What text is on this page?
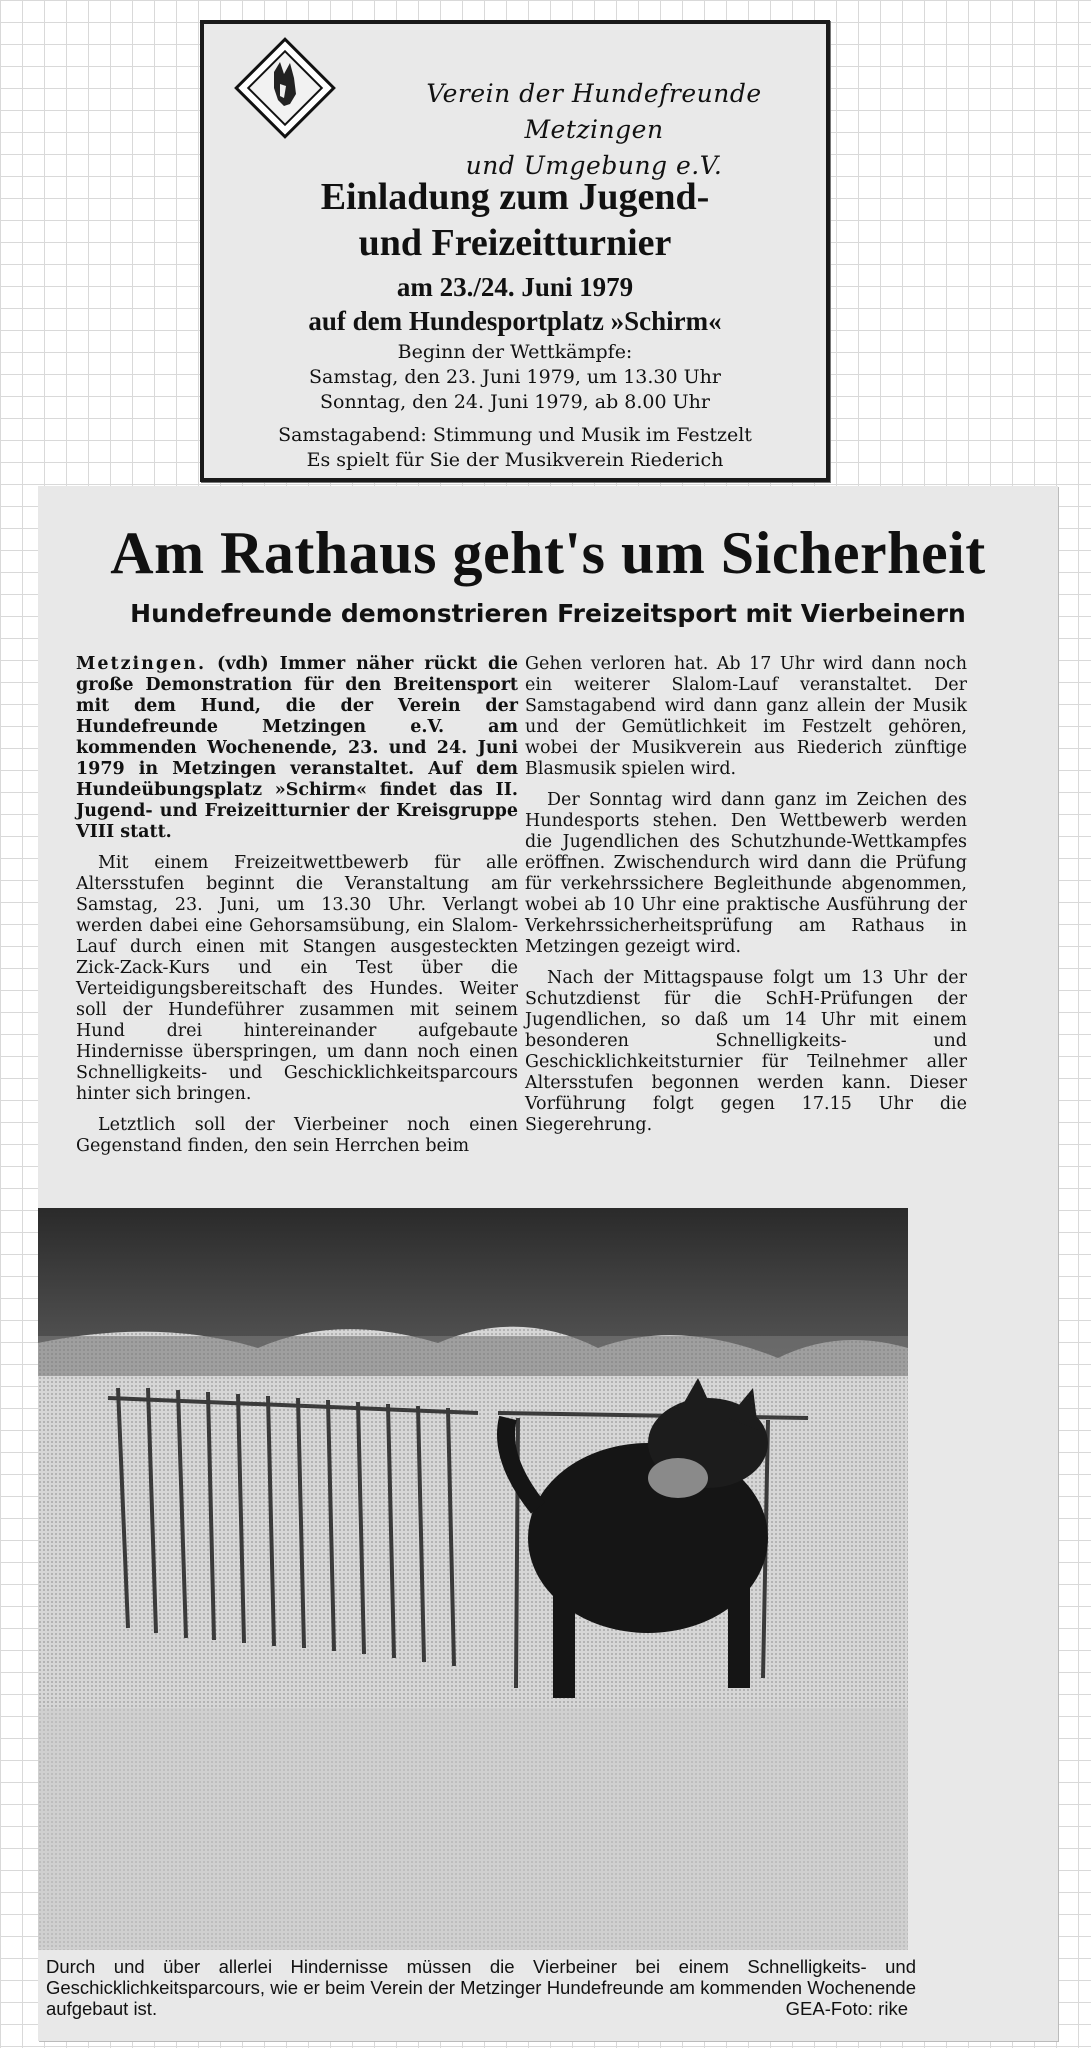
Verein der Hundefreunde Metzingen
und Umgebung e.V.
Einladung zum Jugend-
und Freizeitturnier
am 23./24. Juni 1979
auf dem Hundesportplatz »Schirm«
Beginn der Wettkämpfe:
Samstag, den 23. Juni 1979, um 13.30 Uhr
Sonntag, den 24. Juni 1979, ab 8.00 Uhr
Samstagabend: Stimmung und Musik im Festzelt
Es spielt für Sie der Musikverein Riederich
Am Rathaus geht's um Sicherheit
Hundefreunde demonstrieren Freizeitsport mit Vierbeinern

Metzingen. (vdh) Immer näher rückt die große Demonstration für den Breitensport mit dem Hund, die der Verein der Hundefreunde Metzingen e.V. am kommenden Wochenende, 23. und 24. Juni 1979 in Metzingen veranstaltet. Auf dem Hundeübungsplatz »Schirm« findet das II. Jugend- und Freizeitturnier der Kreisgruppe VIII statt.

Mit einem Freizeitwettbewerb für alle Altersstufen beginnt die Veranstaltung am Samstag, 23. Juni, um 13.30 Uhr. Verlangt werden dabei eine Gehorsamsübung, ein Slalom-Lauf durch einen mit Stangen ausgesteckten Zick-Zack-Kurs und ein Test über die Verteidigungsbereitschaft des Hundes. Weiter soll der Hundeführer zusammen mit seinem Hund drei hintereinander aufgebaute Hindernisse überspringen, um dann noch einen Schnelligkeits- und Geschicklichkeitsparcours hinter sich bringen.

Letztlich soll der Vierbeiner noch einen Gegenstand finden, den sein Herrchen beim

Gehen verloren hat. Ab 17 Uhr wird dann noch ein weiterer Slalom-Lauf veranstaltet. Der Samstagabend wird dann ganz allein der Musik und der Gemütlichkeit im Festzelt gehören, wobei der Musikverein aus Riederich zünftige Blasmusik spielen wird.

Der Sonntag wird dann ganz im Zeichen des Hundesports stehen. Den Wettbewerb werden die Jugendlichen des Schutzhunde-Wettkampfes eröffnen. Zwischendurch wird dann die Prüfung für verkehrssichere Begleithunde abgenommen, wobei ab 10 Uhr eine praktische Ausführung der Verkehrssicherheitsprüfung am Rathaus in Metzingen gezeigt wird.

Nach der Mittagspause folgt um 13 Uhr der Schutzdienst für die SchH-Prüfungen der Jugendlichen, so daß um 14 Uhr mit einem besonderen Schnelligkeits- und Geschicklichkeitsturnier für Teilnehmer aller Altersstufen begonnen werden kann. Dieser Vorführung folgt gegen 17.15 Uhr die Siegerehrung.

Durch und über allerlei Hindernisse müssen die Vierbeiner bei einem Schnelligkeits- und Geschicklichkeitsparcours, wie er beim Verein der Metzinger Hundefreunde am kommenden Wochenende aufgebaut ist.	GEA-Foto: rike
